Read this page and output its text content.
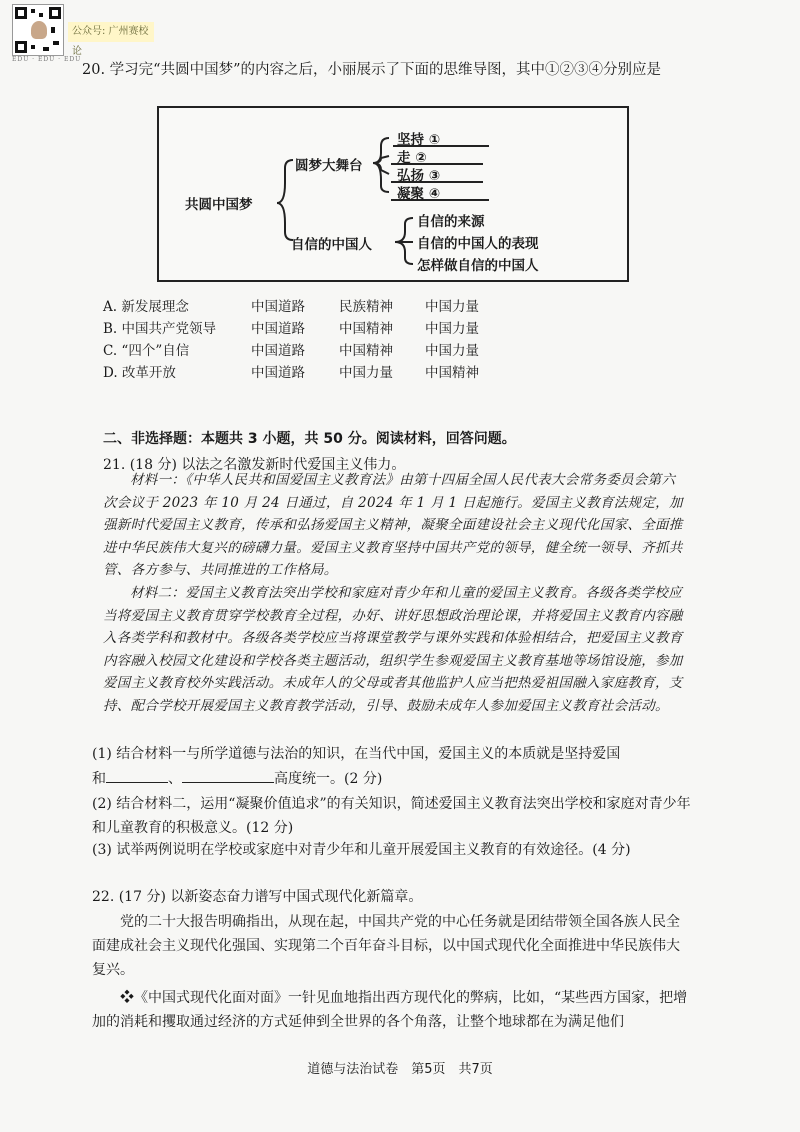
EDU · EDU · EDU
公众号: 广州赛校论
20. 学习完“共圆中国梦”的内容之后，小丽展示了下面的思维导图，其中①②③④分别应是
共圆中国梦
圆梦大舞台
坚持 ①
走 ②
弘扬 ③
凝聚 ④
自信的中国人
自信的来源
自信的中国人的表现
怎样做自信的中国人
A. 新发展理念	中国道路	民族精神 中国力量
B. 中国共产党领导	中国道路	中国精神 中国力量
C. “四个”自信	中国道路	中国精神 中国力量
D. 改革开放	中国道路	中国力量 中国精神
二、非选择题：本题共 3 小题，共 50 分。阅读材料，回答问题。
21. (18 分) 以法之名激发新时代爱国主义伟力。
材料一：《中华人民共和国爱国主义教育法》由第十四届全国人民代表大会常务委员会第六次会议于 2023 年 10 月 24 日通过，自 2024 年 1 月 1 日起施行。爱国主义教育法规定，加强新时代爱国主义教育，传承和弘扬爱国主义精神，凝聚全面建设社会主义现代化国家、全面推进中华民族伟大复兴的磅礴力量。爱国主义教育坚持中国共产党的领导，健全统一领导、齐抓共管、各方参与、共同推进的工作格局。
材料二：爱国主义教育法突出学校和家庭对青少年和儿童的爱国主义教育。各级各类学校应当将爱国主义教育贯穿学校教育全过程，办好、讲好思想政治理论课，并将爱国主义教育内容融入各类学科和教材中。各级各类学校应当将课堂教学与课外实践和体验相结合，把爱国主义教育内容融入校园文化建设和学校各类主题活动，组织学生参观爱国主义教育基地等场馆设施，参加爱国主义教育校外实践活动。未成年人的父母或者其他监护人应当把热爱祖国融入家庭教育，支持、配合学校开展爱国主义教育教学活动，引导、鼓励未成年人参加爱国主义教育社会活动。
(1) 结合材料一与所学道德与法治的知识，在当代中国，爱国主义的本质就是坚持爱国
和	、	高度统一。(2 分)
(2) 结合材料二，运用“凝聚价值追求”的有关知识，简述爱国主义教育法突出学校和家庭对青少年和儿童教育的积极意义。(12 分)
(3) 试举两例说明在学校或家庭中对青少年和儿童开展爱国主义教育的有效途径。(4 分)
22. (17 分) 以新姿态奋力谱写中国式现代化新篇章。
党的二十大报告明确指出，从现在起，中国共产党的中心任务就是团结带领全国各族人民全面建成社会主义现代化强国、实现第二个百年奋斗目标，以中国式现代化全面推进中华民族伟大复兴。
❖《中国式现代化面对面》一针见血地指出西方现代化的弊病，比如，“某些西方国家，把增加的消耗和攫取通过经济的方式延伸到全世界的各个角落，让整个地球都在为满足他们
道德与法治试卷　第5页　共7页
